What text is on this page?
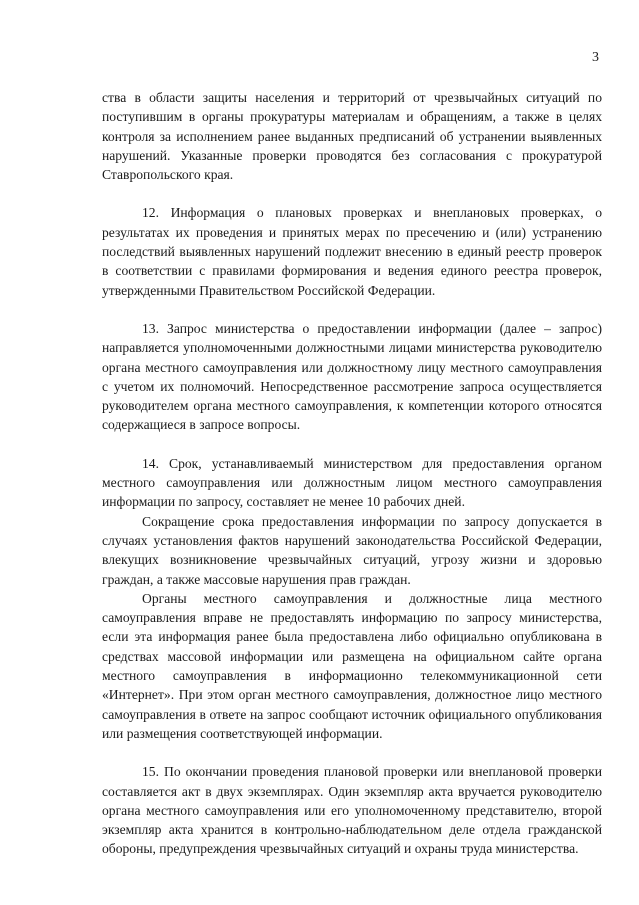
3

ства в области защиты населения и территорий от чрезвычайных ситуаций по поступившим в органы прокуратуры материалам и обращениям, а также в целях контроля за исполнением ранее выданных предписаний об устранении выявленных нарушений. Указанные проверки проводятся без согласования с прокуратурой Ставропольского края.

12. Информация о плановых проверках и внеплановых проверках, о результатах их проведения и принятых мерах по пресечению и (или) устранению последствий выявленных нарушений подлежит внесению в единый реестр проверок в соответствии с правилами формирования и ведения единого реестра проверок, утвержденными Правительством Российской Федерации.

13. Запрос министерства о предоставлении информации (далее – запрос) направляется уполномоченными должностными лицами министерства руководителю органа местного самоуправления или должностному лицу местного самоуправления с учетом их полномочий. Непосредственное рассмотрение запроса осуществляется руководителем органа местного самоуправления, к компетенции которого относятся содержащиеся в запросе вопросы.

14. Срок, устанавливаемый министерством для предоставления органом местного самоуправления или должностным лицом местного самоуправления информации по запросу, составляет не менее 10 рабочих дней.

Сокращение срока предоставления информации по запросу допускается в случаях установления фактов нарушений законодательства Российской Федерации, влекущих возникновение чрезвычайных ситуаций, угрозу жизни и здоровью граждан, а также массовые нарушения прав граждан.

Органы местного самоуправления и должностные лица местного самоуправления вправе не предоставлять информацию по запросу министерства, если эта информация ранее была предоставлена либо официально опубликована в средствах массовой информации или размещена на официальном сайте органа местного самоуправления в информационно телекоммуникационной сети «Интернет». При этом орган местного самоуправления, должностное лицо местного самоуправления в ответе на запрос сообщают источник официального опубликования или размещения соответствующей информации.

15. По окончании проведения плановой проверки или внеплановой проверки составляется акт в двух экземплярах. Один экземпляр акта вручается руководителю органа местного самоуправления или его уполномоченному представителю, второй экземпляр акта хранится в контрольно-наблюдательном деле отдела гражданской обороны, предупреждения чрезвычайных ситуаций и охраны труда министерства.
